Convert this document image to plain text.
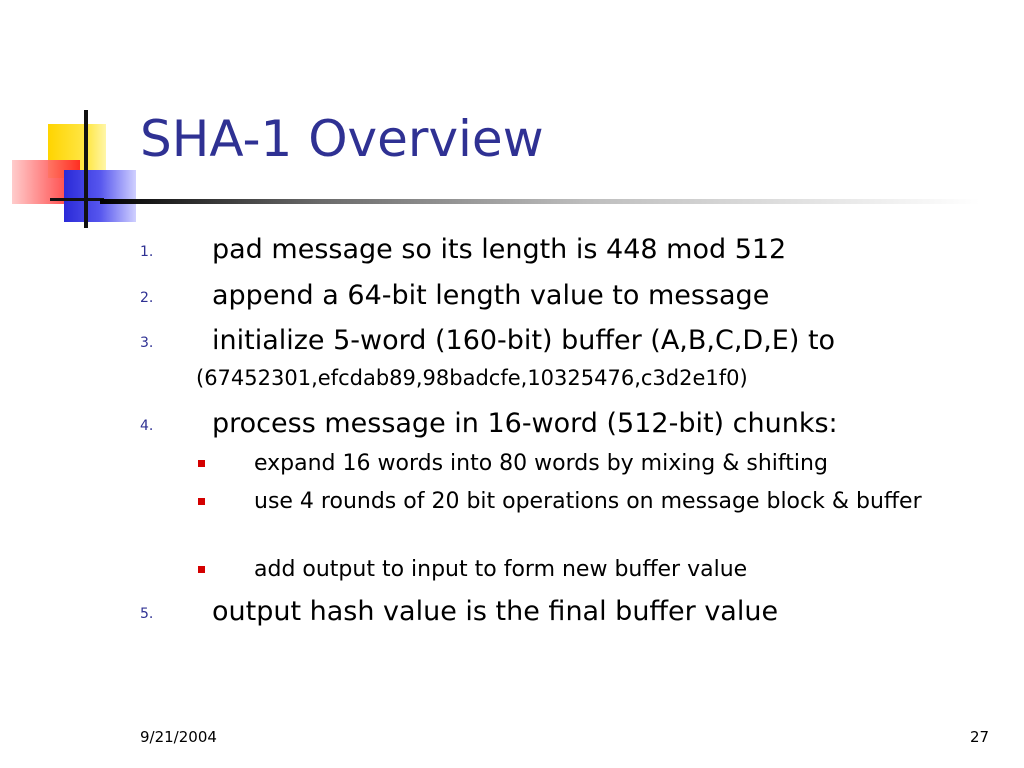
SHA-1 Overview
1. pad message so its length is 448 mod 512
2. append a 64-bit length value to message
3. initialize 5-word (160-bit) buffer (A,B,C,D,E) to
(67452301,efcdab89,98badcfe,10325476,c3d2e1f0)
4. process message in 16-word (512-bit) chunks:
expand 16 words into 80 words by mixing & shifting
use 4 rounds of 20 bit operations on message block & buffer
add output to input to form new buffer value
5. output hash value is the final buffer value
9/21/2004	27
